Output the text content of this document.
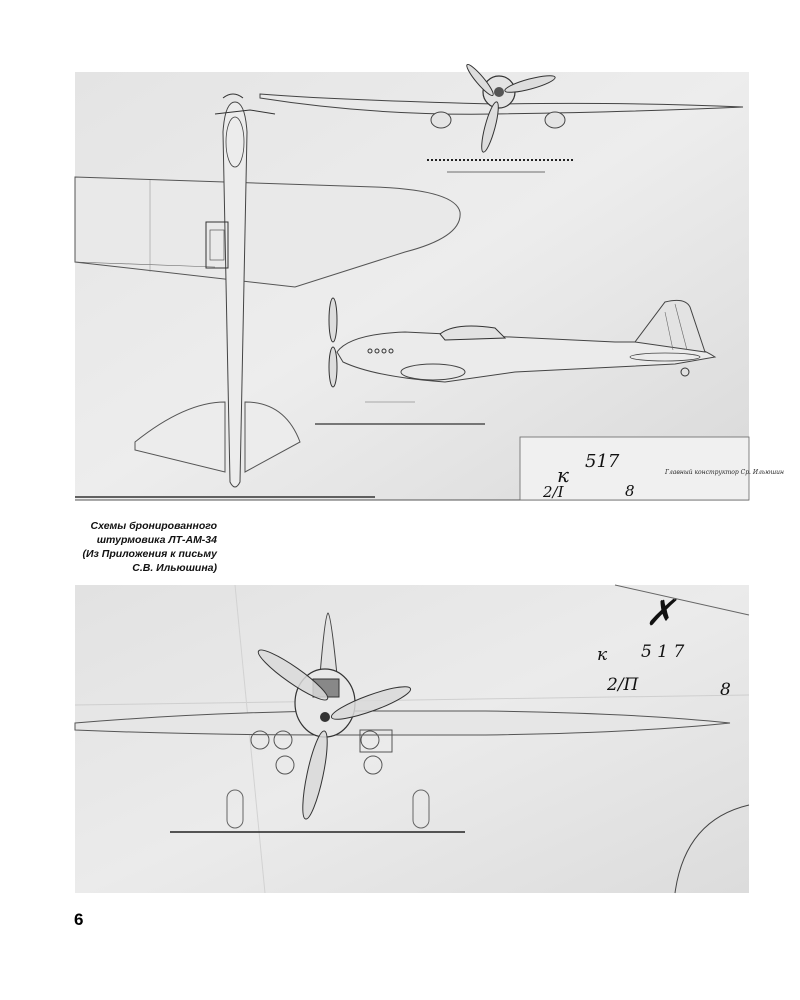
к
517
2/I	8
Главный конструктор Ср. Ильюшин
Схемы бронированного
штурмовика ЛТ-АМ-34
(Из Приложения к письму
С.В. Ильюшина)
✗
к 5 1 7
2/П	8
6
